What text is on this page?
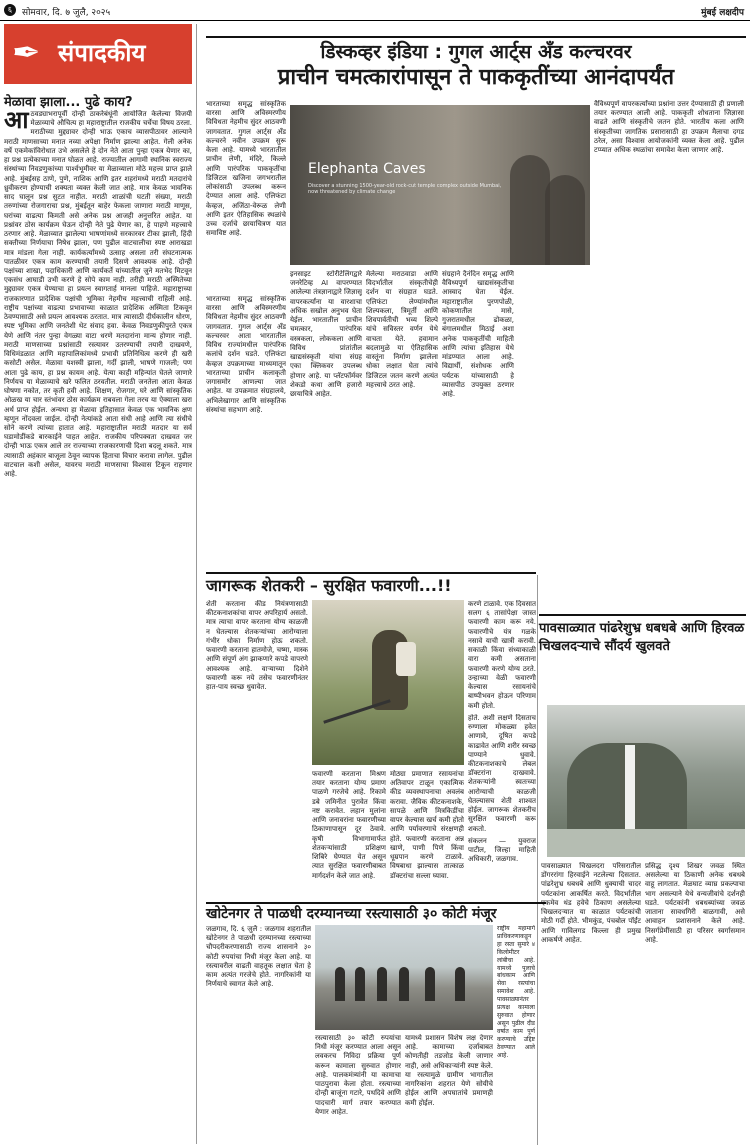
६	सोमवार, दि. ७ जुलै, २०२५	मुंबई लक्षदीप
✒ संपादकीय
मेळावा झाला... पुढे काय?
आठवड्याभरापूर्वी दोन्ही ठाकरेबंधूंनी आयोजित केलेल्या विजयी मेळाव्याचे औचित्य हा महाराष्ट्रातील राजकीय चर्चेचा विषय ठरला. मराठीच्या मुद्द्यावर दोन्ही भाऊ एकाच व्यासपीठावर आल्याने मराठी माणसाच्या मनात नव्या अपेक्षा निर्माण झाल्या आहेत. गेली अनेक वर्षे एकमेकांविरोधात उभे असलेले हे दोन नेते आता पुन्हा एकत्र येणार का, हा प्रश्न प्रत्येकाच्या मनात घोळत आहे. राज्यातील आगामी स्थानिक स्वराज्य संस्थांच्या निवडणुकांच्या पार्श्वभूमीवर या मेळाव्याला मोठे महत्त्व प्राप्त झाले आहे. मुंबईसह ठाणे, पुणे, नाशिक आणि इतर शहरांमध्ये मराठी मतदारांचे ध्रुवीकरण होण्याची शक्यता व्यक्त केली जात आहे. मात्र केवळ भावनिक साद घालून प्रश्न सुटत नाहीत. मराठी शाळांची घटती संख्या, मराठी तरुणांच्या रोजगाराचा प्रश्न, मुंबईतून बाहेर फेकला जाणारा मराठी माणूस, घरांच्या वाढत्या किमती असे अनेक प्रश्न आजही अनुत्तरित आहेत. या प्रश्नांवर ठोस कार्यक्रम घेऊन दोन्ही नेते पुढे येणार का, हे पाहणे महत्त्वाचे ठरणार आहे. मेळाव्यात झालेल्या भाषणांमध्ये सरकारवर टीका झाली, हिंदी सक्तीच्या निर्णयाचा निषेध झाला, पण पुढील वाटचालीचा स्पष्ट आराखडा मात्र मांडला गेला नाही. कार्यकर्त्यांमध्ये उत्साह असला तरी संघटनात्मक पातळीवर एकत्र काम करण्याची तयारी दिसणे आवश्यक आहे. दोन्ही पक्षांच्या शाखा, पदाधिकारी आणि कार्यकर्ते यांच्यातील जुने मतभेद मिटवून एकसंध आघाडी उभी करणे हे सोपे काम नाही. तरीही मराठी अस्मितेच्या मुद्द्यावर एकत्र येण्याचा हा प्रयत्न स्वागतार्ह मानला पाहिजे. महाराष्ट्राच्या राजकारणात प्रादेशिक पक्षांची भूमिका नेहमीच महत्त्वाची राहिली आहे. राष्ट्रीय पक्षांच्या वाढत्या प्रभावाच्या काळात प्रादेशिक अस्मिता टिकवून ठेवण्यासाठी असे प्रयत्न आवश्यक ठरतात. मात्र त्यासाठी दीर्घकालीन धोरण, स्पष्ट भूमिका आणि जनतेशी थेट संवाद हवा. केवळ निवडणुकीपुरते एकत्र येणे आणि नंतर पुन्हा वेगळ्या वाटा धरणे मतदारांना मान्य होणार नाही. मराठी माणसाच्या प्रश्नांसाठी रस्त्यावर उतरण्याची तयारी दाखवणे, विधिमंडळात आणि महापालिकांमध्ये प्रभावी प्रतिनिधित्व करणे ही खरी कसोटी असेल. मेळावा यशस्वी झाला, गर्दी झाली, भाषणे गाजली; पण आता पुढे काय, हा प्रश्न कायम आहे. येत्या काही महिन्यांत घेतले जाणारे निर्णयच या मेळाव्याचे खरे फलित ठरवतील. मराठी जनतेला आता केवळ घोषणा नकोत, तर कृती हवी आहे. शिक्षण, रोजगार, घरे आणि सांस्कृतिक ओळख या चार स्तंभांवर ठोस कार्यक्रम राबवला गेला तरच या ऐक्याला खरा अर्थ प्राप्त होईल. अन्यथा हा मेळावा इतिहासात केवळ एक भावनिक क्षण म्हणून नोंदवला जाईल. दोन्ही नेत्यांकडे आता संधी आहे आणि त्या संधीचे सोने करणे त्यांच्या हातात आहे. महाराष्ट्रातील मराठी मतदार या सर्व घडामोडींकडे बारकाईने पाहत आहेत. राजकीय परिपक्वता दाखवत जर दोन्ही भाऊ एकत्र आले तर राज्याच्या राजकारणाची दिशा बदलू शकते. मात्र त्यासाठी अहंकार बाजूला ठेवून व्यापक हिताचा विचार करावा लागेल. पुढील वाटचाल कशी असेल, यावरच मराठी माणसाचा विश्वास टिकून राहणार आहे.
डिस्कव्हर इंडिया : गुगल आर्ट्स अँड कल्चरवर
प्राचीन चमत्कारांपासून ते पाककृतींच्या आनंदापर्यंत
भारताच्या समृद्ध सांस्कृतिक वारसा आणि अविस्मरणीय विविधता नेहमीच सुंदर आठवणी जागवतात. गुगल आर्ट्स अँड कल्चरने नवीन उपक्रम सुरू केला आहे. यामध्ये भारतातील प्राचीन लेणी, मंदिरे, किल्ले आणि पारंपरिक पाककृतींचा डिजिटल खजिना जगभरातील लोकांसाठी उपलब्ध करून देण्यात आला आहे. एलिफंटा केव्हज, अजिंठा-वेरूळ लेणी आणि इतर ऐतिहासिक स्थळांचे उच्च दर्जाचे छायाचित्रण यात समाविष्ट आहे.
Elephanta Caves
Discover a stunning 1500-year-old rock-cut temple complex outside Mumbai, now threatened by climate change
वैविध्यपूर्ण वापरकर्त्यांच्या प्रश्नांना उत्तर देण्यासाठी ही प्रणाली तयार करण्यात आली आहे. पाककृती शोधताना जिज्ञासा वाढते आणि संस्कृतीचे जतन होते. भारतीय कला आणि संस्कृतीच्या जागतिक प्रसारासाठी हा उपक्रम मैलाचा दगड ठरेल, असा विश्वास आयोजकांनी व्यक्त केला आहे. पुढील टप्प्यात अधिक स्थळांचा समावेश केला जाणार आहे.
भारताच्या समृद्ध सांस्कृतिक वारसा आणि अविस्मरणीय विविधता नेहमीच सुंदर आठवणी जागवतात. गुगल आर्ट्स अँड कल्चरवर आता भारतातील विविध राज्यांमधील पारंपरिक कलांचे दर्शन घडते. एलिफंटा केव्हज उपक्रमाच्या माध्यमातून भारताच्या प्राचीन कलाकृती जगासमोर आणल्या जात आहेत. या उपक्रमात संग्रहालये, अभिलेखागार आणि सांस्कृतिक संस्थांचा सहभाग आहे.
इनसाइट स्टोरीटेलिंगद्वारे जनरेटिव्ह AI वापरण्यात आलेल्या तंत्रज्ञानाद्वारे जिज्ञासू वापरकर्त्यांना या वारशाचा अधिक सखोल अनुभव घेता येईल. भारतातील प्राचीन चमत्कार, पारंपरिक वस्त्रकला, लोककला आणि विविध प्रांतांतील खाद्यसंस्कृती यांचा संग्रह एका क्लिकवर उपलब्ध होणार आहे. या प्लॅटफॉर्मवर शेकडो कथा आणि हजारो छायाचित्रे आहेत.
मेलेल्या मराठवाडा आणि विदर्भातील संस्कृतीचेही दर्शन या संग्रहात घडते. एलिफंटा लेण्यांमधील शिल्पकला, त्रिमूर्ती आणि शिवपार्वतीची भव्य शिल्पे यांचे सविस्तर वर्णन येथे वाचता येते. हवामान बदलामुळे या ऐतिहासिक वास्तूंना निर्माण झालेला धोका लक्षात घेता त्यांचे डिजिटल जतन करणे अत्यंत महत्त्वाचे ठरत आहे.
संग्रहाने दैनंदिन समृद्ध आणि वैविध्यपूर्ण खाद्यसंस्कृतीचा आस्वाद घेता येईल. महाराष्ट्रातील पुरणपोळी, कोकणातील मासे, गुजरातमधील ढोकळा, बंगालमधील मिठाई अशा अनेक पाककृतींची माहिती आणि त्यांचा इतिहास येथे मांडण्यात आला आहे. विद्यार्थी, संशोधक आणि पर्यटक यांच्यासाठी हे व्यासपीठ उपयुक्त ठरणार आहे.
जागरूक शेतकरी – सुरक्षित फवारणी...!!
शेती करताना कीड नियंत्रणासाठी कीटकनाशकांचा वापर अपरिहार्य असतो. मात्र त्याचा वापर करताना योग्य काळजी न घेतल्यास शेतकऱ्यांच्या आरोग्याला गंभीर धोका निर्माण होऊ शकतो. फवारणी करताना हातमोजे, चष्मा, मास्क आणि संपूर्ण अंग झाकणारे कपडे वापरणे आवश्यक आहे. वाऱ्याच्या दिशेने फवारणी करू नये तसेच फवारणीनंतर हात-पाय स्वच्छ धुवावेत.
फवारणी करताना मिश्रण तयार करताना योग्य प्रमाण पाळणे गरजेचे आहे. रिकामे डबे जमिनीत पुरावेत किंवा नष्ट करावेत. लहान मुलांना आणि जनावरांना फवारणीच्या ठिकाणापासून दूर ठेवावे. कृषी विभागामार्फत शेतकऱ्यांसाठी प्रशिक्षण शिबिरे घेण्यात येत असून त्यात सुरक्षित फवारणीबाबत मार्गदर्शन केले जात आहे.
मोठ्या प्रमाणात रसायनांचा अतिवापर टाळून एकात्मिक कीड व्यवस्थापनाचा अवलंब करावा. जैविक कीटकनाशके, सापळे आणि मित्रकिडींचा वापर केल्यास खर्च कमी होतो आणि पर्यावरणाचे संरक्षणही होते. फवारणी करताना अन्न खाणे, पाणी पिणे किंवा धूम्रपान करणे टाळावे. विषबाधा झाल्यास तात्काळ डॉक्टरांचा सल्ला घ्यावा.
करणे टाळावे. एक दिवसात सलग ६ तासांपेक्षा जास्त फवारणी काम करू नये. फवारणीचे यंत्र गळके नसावे याची खात्री करावी. सकाळी किंवा संध्याकाळी वारा कमी असताना फवारणी करणे योग्य ठरते. उन्हाच्या वेळी फवारणी केल्यास रसायनांचे बाष्पीभवन होऊन परिणाम कमी होतो.
होते. अशी लक्षणे दिसताच रुग्णाला मोकळ्या हवेत आणावे, दूषित कपडे काढावेत आणि शरीर स्वच्छ पाण्याने धुवावे. कीटकनाशकाचे लेबल डॉक्टरांना दाखवावे. शेतकऱ्यांनी स्वतःच्या आरोग्याची काळजी घेतल्यासच शेती शाश्वत होईल. जागरूक शेतकरीच सुरक्षित फवारणी करू शकतो.
संकलन — युवराज पाटील, जिल्हा माहिती अधिकारी, जळगाव.
पावसाळ्यात पांढरेशुभ्र धबधबे आणि हिरवळ चिखलदऱ्याचे सौंदर्य खुलवते
पावसाळ्यात चिखलदरा परिसरातील डोंगररांगा हिरवाईने नटलेल्या दिसतात. पांढरेशुभ्र धबधबे आणि धुक्याची चादर पर्यटकांना आकर्षित करते. विदर्भातील एकमेव थंड हवेचे ठिकाण असलेल्या चिखलदऱ्यात या काळात पर्यटकांची मोठी गर्दी होते. भीमकुंड, पंचबोल पॉईंट आणि गाविलगड किल्ला ही प्रमुख आकर्षणे आहेत.
प्रसिद्ध दृश्य शिखर जवळ स्थित असलेल्या या ठिकाणी अनेक धबधबे वाहू लागतात. मेळघाट व्याघ्र प्रकल्पाचा भाग असल्याने येथे वन्यजीवांचे दर्शनही घडते. पर्यटकांनी धबधब्यांच्या जवळ जाताना सावधगिरी बाळगावी, असे आवाहन प्रशासनाने केले आहे. निसर्गप्रेमींसाठी हा परिसर स्वर्गासमान आहे.
खोटेनगर ते पाळधी दरम्यानच्या रस्त्यासाठी ३० कोटी मंजूर
जळगाव, दि. ६ जुलै : जळगाव शहरातील खोटेनगर ते पाळधी दरम्यानच्या रस्त्याच्या चौपदरीकरणासाठी राज्य शासनाने ३० कोटी रुपयांचा निधी मंजूर केला आहे. या रस्त्यावरील वाढती वाहतूक लक्षात घेता हे काम अत्यंत गरजेचे होते. नागरिकांनी या निर्णयाचे स्वागत केले आहे.
रस्त्यासाठी ३० कोटी रुपयांचा निधी मंजूर करण्यात आला असून लवकरच निविदा प्रक्रिया पूर्ण करून कामाला सुरुवात होणार आहे. पालकमंत्र्यांनी या कामाचा पाठपुरावा केला होता. रस्त्याच्या दोन्ही बाजूंना गटारे, पथदिवे आणि पादचारी मार्ग तयार करण्यात येणार आहेत.
यामध्ये प्रशासन विशेष लक्ष देणार आहे. कामाच्या दर्जाबाबत कोणतीही तडजोड केली जाणार नाही, असे अधिकाऱ्यांनी स्पष्ट केले. या रस्त्यामुळे ग्रामीण भागातील नागरिकांना शहरात येणे सोयीचे होईल आणि अपघातांचे प्रमाणही कमी होईल.
राष्ट्रीय महामार्ग प्राधिकरणाकडून हा रस्ता सुमारे ४ किलोमीटर लांबीचा आहे. यामध्ये पुलाचे बांधकाम आणि सेवा रस्त्यांचा समावेश आहे. पावसाळ्यानंतर प्रत्यक्ष कामाला सुरुवात होणार असून पुढील दीड वर्षात काम पूर्ण करण्याचे उद्दिष्ट ठेवण्यात आले आहे.
